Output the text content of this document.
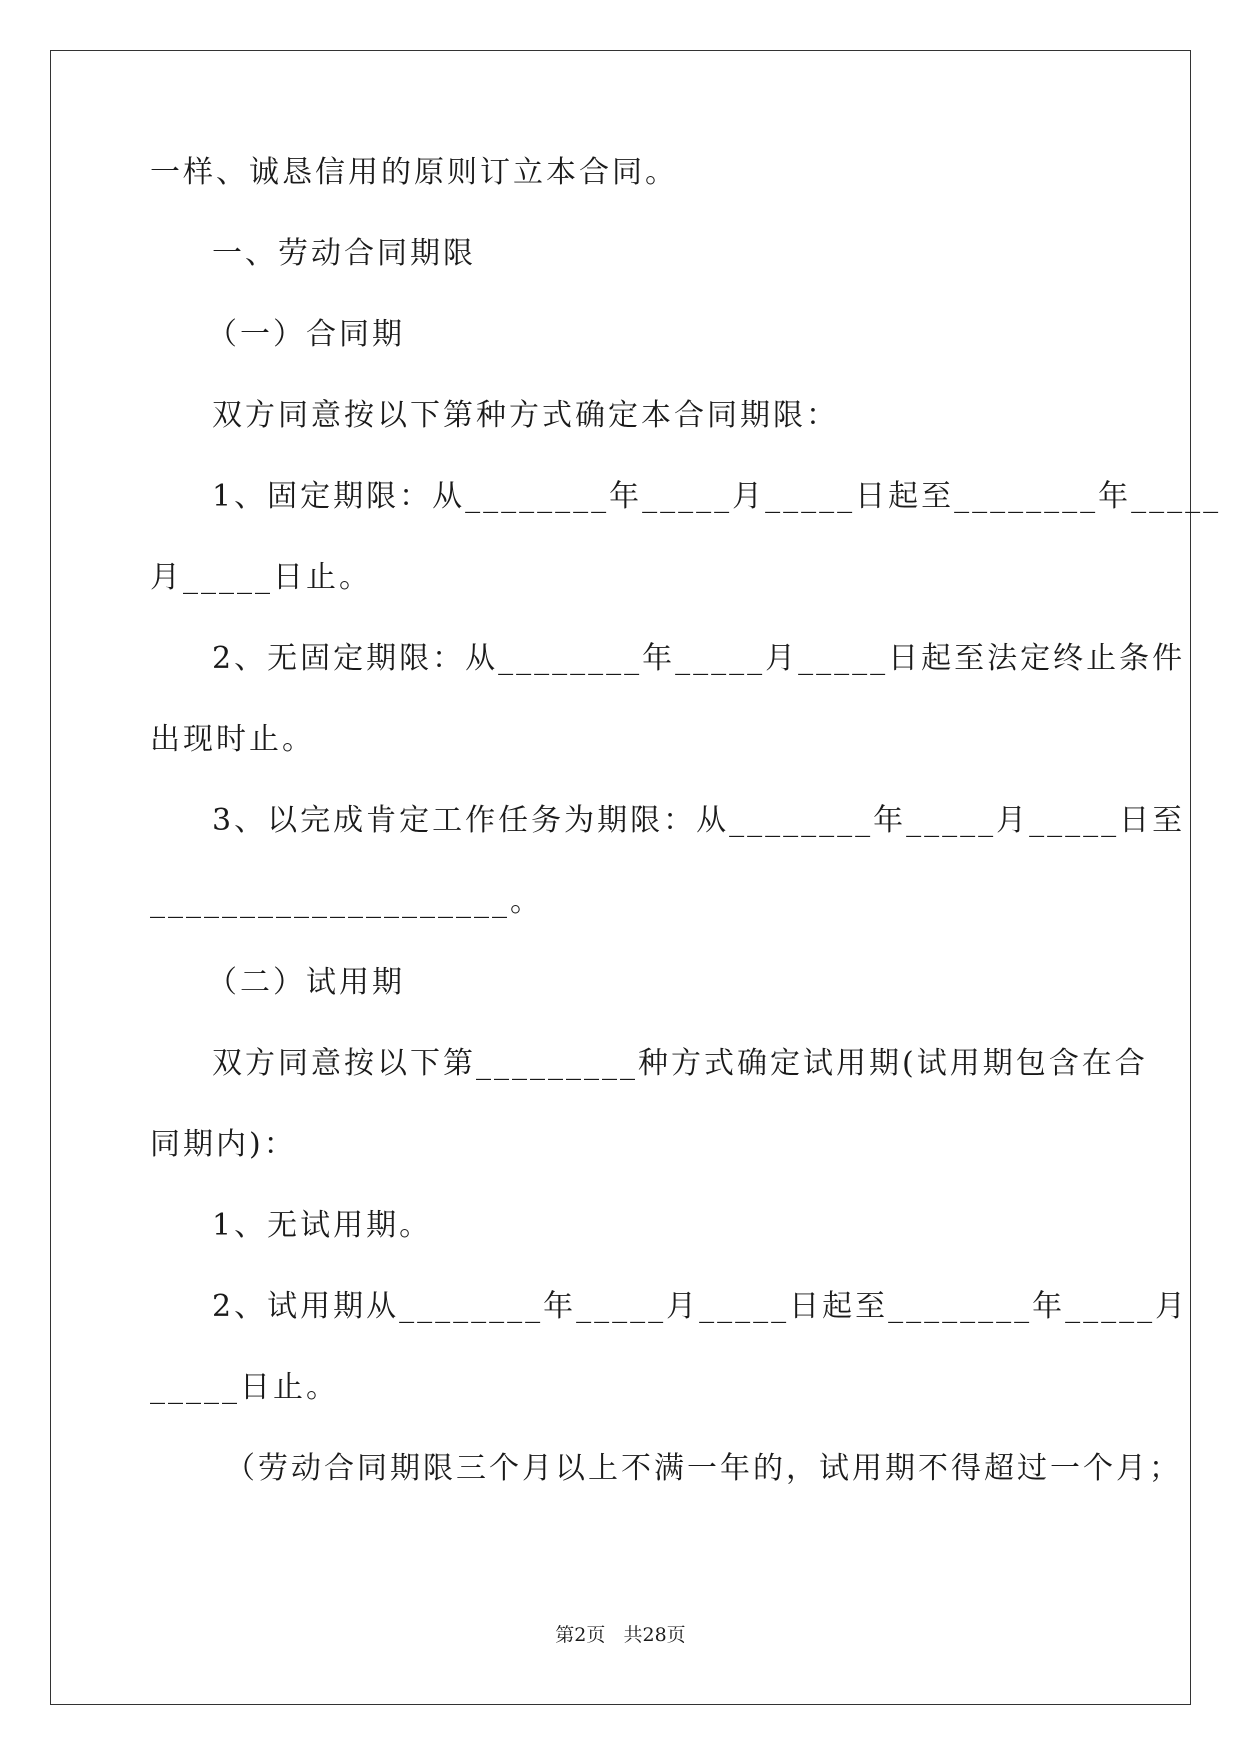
一样、诚恳信用的原则订立本合同。
一、劳动合同期限
（一）合同期
双方同意按以下第种方式确定本合同期限：
1、固定期限：从________年_____月_____日起至________年_____
月_____日止。
2、无固定期限：从________年_____月_____日起至法定终止条件
出现时止。
3、以完成肯定工作任务为期限：从________年_____月_____日至
____________________。
（二）试用期
双方同意按以下第_________种方式确定试用期(试用期包含在合
同期内)：
1、无试用期。
2、试用期从________年_____月_____日起至________年_____月
_____日止。
（劳动合同期限三个月以上不满一年的，试用期不得超过一个月；
第2页   共28页
